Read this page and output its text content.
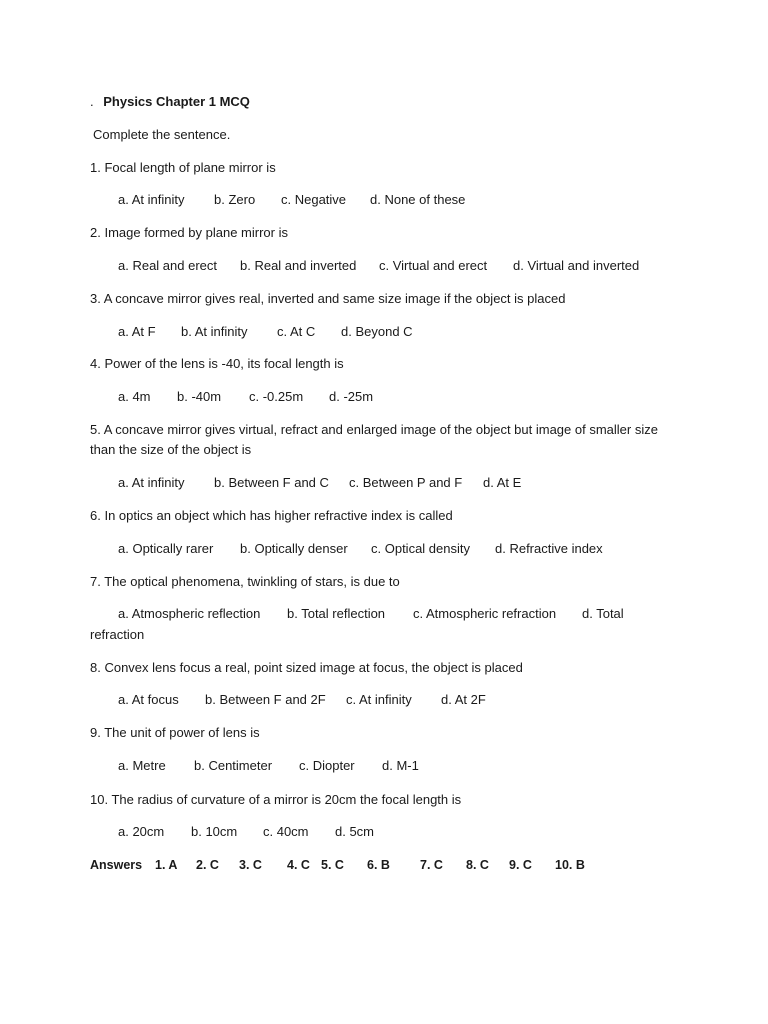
. Physics Chapter 1 MCQ
Complete the sentence.
1. Focal length of plane mirror is
a. At infinity b. Zero c. Negative d. None of these
2. Image formed by plane mirror is
a. Real and erect b. Real and inverted c. Virtual and erect d. Virtual and inverted
3. A concave mirror gives real, inverted and same size image if the object is placed
a. At F b. At infinity c. At C d. Beyond C
4. Power of the lens is -40, its focal length is
a. 4m b. -40m c. -0.25m d. -25m
5. A concave mirror gives virtual, refract and enlarged image of the object but image of smaller size
than the size of the object is
a. At infinity b. Between F and C c. Between P and F d. At E
6. In optics an object which has higher refractive index is called
a. Optically rarer b. Optically denser c. Optical density d. Refractive index
7. The optical phenomena, twinkling of stars, is due to
a. Atmospheric reflection b. Total reflection c. Atmospheric refraction d. Total
refraction
8. Convex lens focus a real, point sized image at focus, the object is placed
a. At focus b. Between F and 2F c. At infinity d. At 2F
9. The unit of power of lens is
a. Metre b. Centimeter c. Diopter d. M-1
10. The radius of curvature of a mirror is 20cm the focal length is
a. 20cm b. 10cm c. 40cm d. 5cm
Answers 1. A 2. C 3. C 4. C 5. C 6. B 7. C 8. C 9. C 10. B
